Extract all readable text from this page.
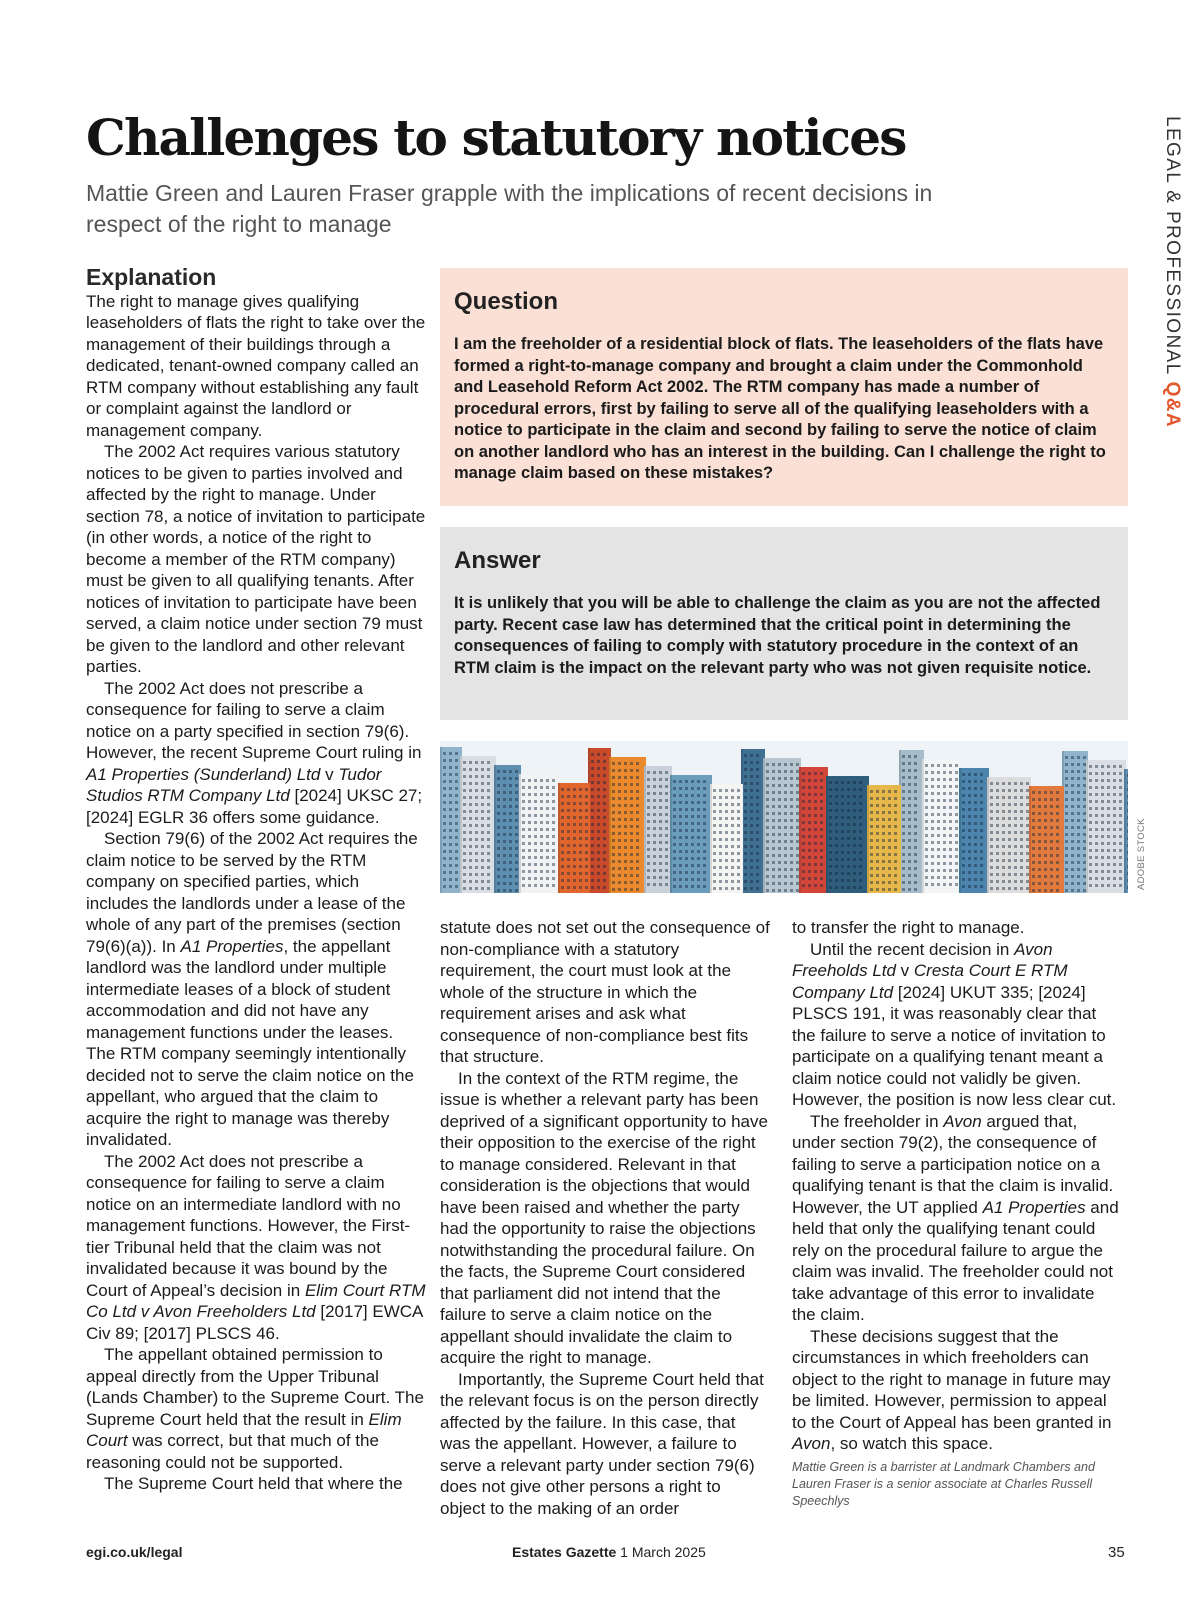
Challenges to statutory notices
Mattie Green and Lauren Fraser grapple with the implications of recent decisions in respect of the right to manage	LEGAL & PROFESSIONAL Q&A
Explanation

The right to manage gives qualifying leaseholders of flats the right to take over the management of their buildings through a dedicated, tenant-owned company called an RTM company without establishing any fault or complaint against the landlord or management company.

The 2002 Act requires various statutory notices to be given to parties involved and affected by the right to manage. Under section 78, a notice of invitation to participate (in other words, a notice of the right to become a member of the RTM company) must be given to all qualifying tenants. After notices of invitation to participate have been served, a claim notice under section 79 must be given to the landlord and other relevant parties.

The 2002 Act does not prescribe a consequence for failing to serve a claim notice on a party specified in section 79(6). However, the recent Supreme Court ruling in A1 Properties (Sunderland) Ltd v Tudor Studios RTM Company Ltd [2024] UKSC 27; [2024] EGLR 36 offers some guidance.

Section 79(6) of the 2002 Act requires the claim notice to be served by the RTM company on specified parties, which includes the landlords under a lease of the whole of any part of the premises (section 79(6)(a)). In A1 Properties, the appellant landlord was the landlord under multiple intermediate leases of a block of student accommodation and did not have any management functions under the leases. The RTM company seemingly intentionally decided not to serve the claim notice on the appellant, who argued that the claim to acquire the right to manage was thereby invalidated.

The 2002 Act does not prescribe a consequence for failing to serve a claim notice on an intermediate landlord with no management functions. However, the First-tier Tribunal held that the claim was not invalidated because it was bound by the Court of Appeal’s decision in Elim Court RTM Co Ltd v Avon Freeholders Ltd [2017] EWCA Civ 89; [2017] PLSCS 46.

The appellant obtained permission to appeal directly from the Upper Tribunal (Lands Chamber) to the Supreme Court. The Supreme Court held that the result in Elim Court was correct, but that much of the reasoning could not be supported.

The Supreme Court held that where the

Question

I am the freeholder of a residential block of flats. The leaseholders of the flats have formed a right-to-manage company and brought a claim under the Commonhold and Leasehold Reform Act 2002. The RTM company has made a number of procedural errors, first by failing to serve all of the qualifying leaseholders with a notice to participate in the claim and second by failing to serve the notice of claim on another landlord who has an interest in the building. Can I challenge the right to manage claim based on these mistakes?

Answer

It is unlikely that you will be able to challenge the claim as you are not the affected party. Recent case law has determined that the critical point in determining the consequences of failing to comply with statutory procedure in the context of an RTM claim is the impact on the relevant party who was not given requisite notice.

ADOBE STOCK

statute does not set out the consequence of non-compliance with a statutory requirement, the court must look at the whole of the structure in which the requirement arises and ask what consequence of non-compliance best fits that structure.

In the context of the RTM regime, the issue is whether a relevant party has been deprived of a significant opportunity to have their opposition to the exercise of the right to manage considered. Relevant in that consideration is the objections that would have been raised and whether the party had the opportunity to raise the objections notwithstanding the procedural failure. On the facts, the Supreme Court considered that parliament did not intend that the failure to serve a claim notice on the appellant should invalidate the claim to acquire the right to manage.

Importantly, the Supreme Court held that the relevant focus is on the person directly affected by the failure. In this case, that was the appellant. However, a failure to serve a relevant party under section 79(6) does not give other persons a right to object to the making of an order

to transfer the right to manage.

Until the recent decision in Avon Freeholds Ltd v Cresta Court E RTM Company Ltd [2024] UKUT 335; [2024] PLSCS 191, it was reasonably clear that the failure to serve a notice of invitation to participate on a qualifying tenant meant a claim notice could not validly be given. However, the position is now less clear cut.

The freeholder in Avon argued that, under section 79(2), the consequence of failing to serve a participation notice on a qualifying tenant is that the claim is invalid. However, the UT applied A1 Properties and held that only the qualifying tenant could rely on the procedural failure to argue the claim was invalid. The freeholder could not take advantage of this error to invalidate the claim.

These decisions suggest that the circumstances in which freeholders can object to the right to manage in future may be limited. However, permission to appeal to the Court of Appeal has been granted in Avon, so watch this space.

Mattie Green is a barrister at Landmark Chambers and Lauren Fraser is a senior associate at Charles Russell Speechlys
egi.co.uk/legal	Estates Gazette 1 March 2025	35
